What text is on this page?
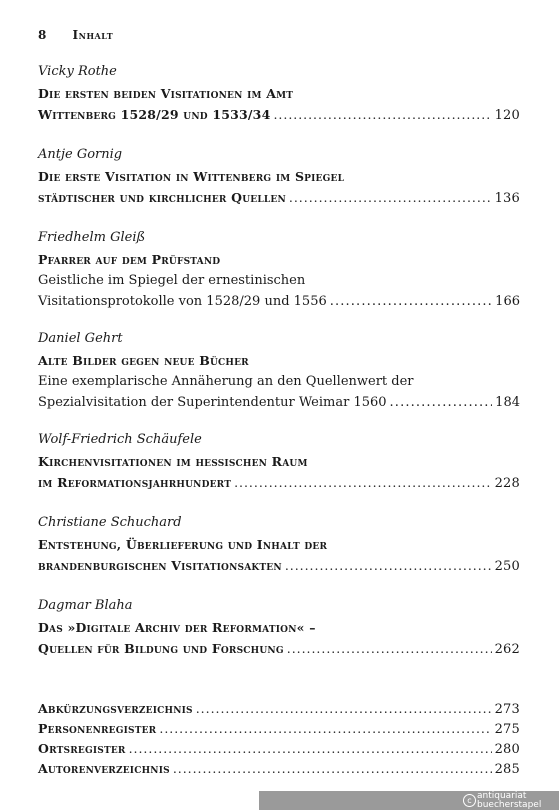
8 Inhalt
Vicky Rothe
Die ersten beiden Visitationen im Amt
Wittenberg 1528/29 und 1533/34 . . .	120
Antje Gornig
Die erste Visitation in Wittenberg im Spiegel
städtischer und kirchlicher Quellen . . .	136
Friedhelm Gleiß
Pfarrer auf dem Prüfstand
Geistliche im Spiegel der ernestinischen
Visitationsprotokolle von 1528/29 und 1556 . . .	166
Daniel Gehrt
Alte Bilder gegen neue Bücher
Eine exemplarische Annäherung an den Quellenwert der
Spezialvisitation der Superintendentur Weimar 1560 . . .	184
Wolf-Friedrich Schäufele
Kirchenvisitationen im hessischen Raum
im Reformationsjahrhundert . . .	228
Christiane Schuchard
Entstehung, Überlieferung und Inhalt der
brandenburgischen Visitationsakten . . .	250
Dagmar Blaha
Das »Digitale Archiv der Reformation« –
Quellen für Bildung und Forschung . . .	262
Abkürzungsverzeichnis . . .	273
Personenregister . . .	275
Ortsregister . . .	280
Autorenverzeichnis . . .	285
c antiquariat
buecherstapel
